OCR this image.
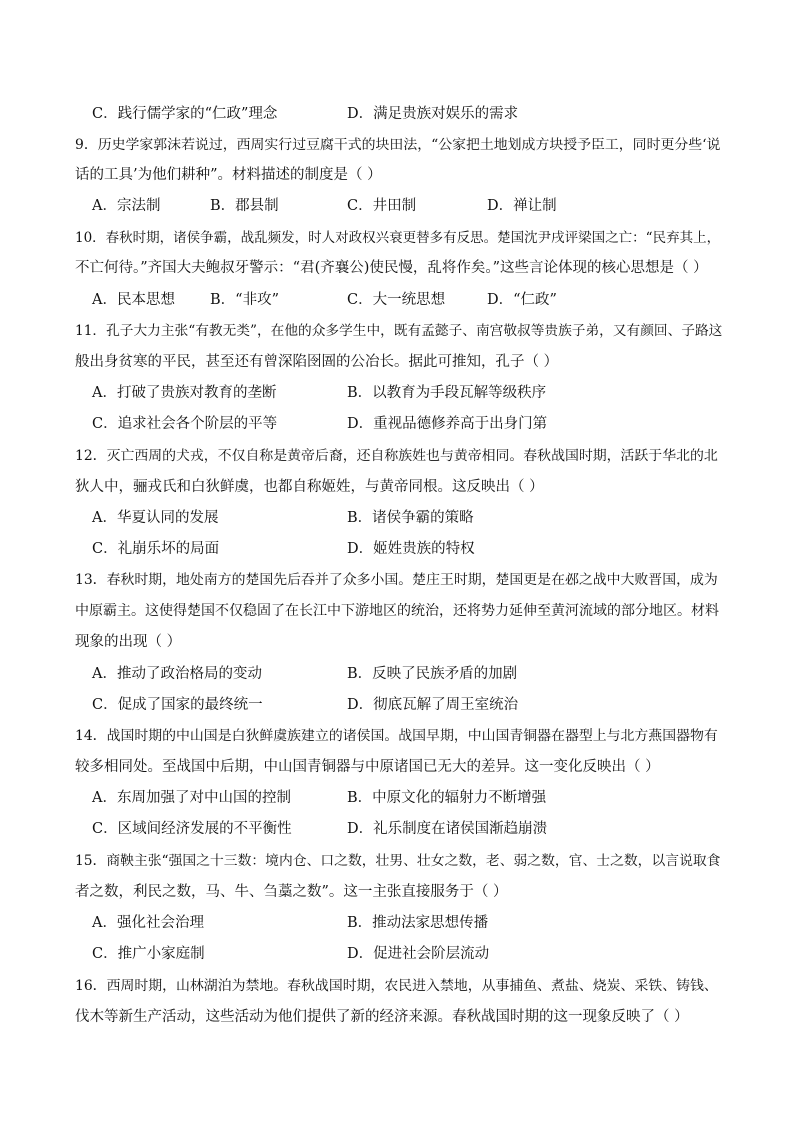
C．践行儒学家的“仁政”理念	D．满足贵族对娱乐的需求
9．历史学家郭沫若说过，西周实行过豆腐干式的块田法，“公家把土地划成方块授予臣工，同时更分些‘说
话的工具’为他们耕种”。材料描述的制度是（ ）
A．宗法制	B．郡县制	C．井田制	D．禅让制
10．春秋时期，诸侯争霸，战乱频发，时人对政权兴衰更替多有反思。楚国沈尹戌评梁国之亡：“民弃其上，
不亡何待。”齐国大夫鲍叔牙警示：“君(齐襄公)使民慢，乱将作矣。”这些言论体现的核心思想是（ ）
A．民本思想 B．“非攻”	C．大一统思想	D．“仁政”
11．孔子大力主张“有教无类”，在他的众多学生中，既有孟懿子、南宫敬叔等贵族子弟，又有颜回、子路这
般出身贫寒的平民，甚至还有曾深陷囹圄的公冶长。据此可推知，孔子（ ）
A．打破了贵族对教育的垄断	B．以教育为手段瓦解等级秩序
C．追求社会各个阶层的平等	D．重视品德修养高于出身门第
12．灭亡西周的犬戎，不仅自称是黄帝后裔，还自称族姓也与黄帝相同。春秋战国时期，活跃于华北的北
狄人中，骊戎氏和白狄鲜虞，也都自称姬姓，与黄帝同根。这反映出（ ）
A．华夏认同的发展	B．诸侯争霸的策略
C．礼崩乐坏的局面	D．姬姓贵族的特权
13．春秋时期，地处南方的楚国先后吞并了众多小国。楚庄王时期，楚国更是在邲之战中大败晋国，成为
中原霸主。这使得楚国不仅稳固了在长江中下游地区的统治，还将势力延伸至黄河流域的部分地区。材料
现象的出现（ ）
A．推动了政治格局的变动	B．反映了民族矛盾的加剧
C．促成了国家的最终统一	D．彻底瓦解了周王室统治
14．战国时期的中山国是白狄鲜虞族建立的诸侯国。战国早期，中山国青铜器在器型上与北方燕国器物有
较多相同处。至战国中后期，中山国青铜器与中原诸国已无大的差异。这一变化反映出（ ）
A．东周加强了对中山国的控制	B．中原文化的辐射力不断增强
C．区域间经济发展的不平衡性	D．礼乐制度在诸侯国渐趋崩溃
15．商鞅主张“强国之十三数：境内仓、口之数，壮男、壮女之数，老、弱之数，官、士之数，以言说取食
者之数，利民之数，马、牛、刍藁之数”。这一主张直接服务于（ ）
A．强化社会治理	B．推动法家思想传播
C．推广小家庭制	D．促进社会阶层流动
16．西周时期，山林湖泊为禁地。春秋战国时期，农民进入禁地，从事捕鱼、煮盐、烧炭、采铁、铸钱、
伐木等新生产活动，这些活动为他们提供了新的经济来源。春秋战国时期的这一现象反映了（ ）
